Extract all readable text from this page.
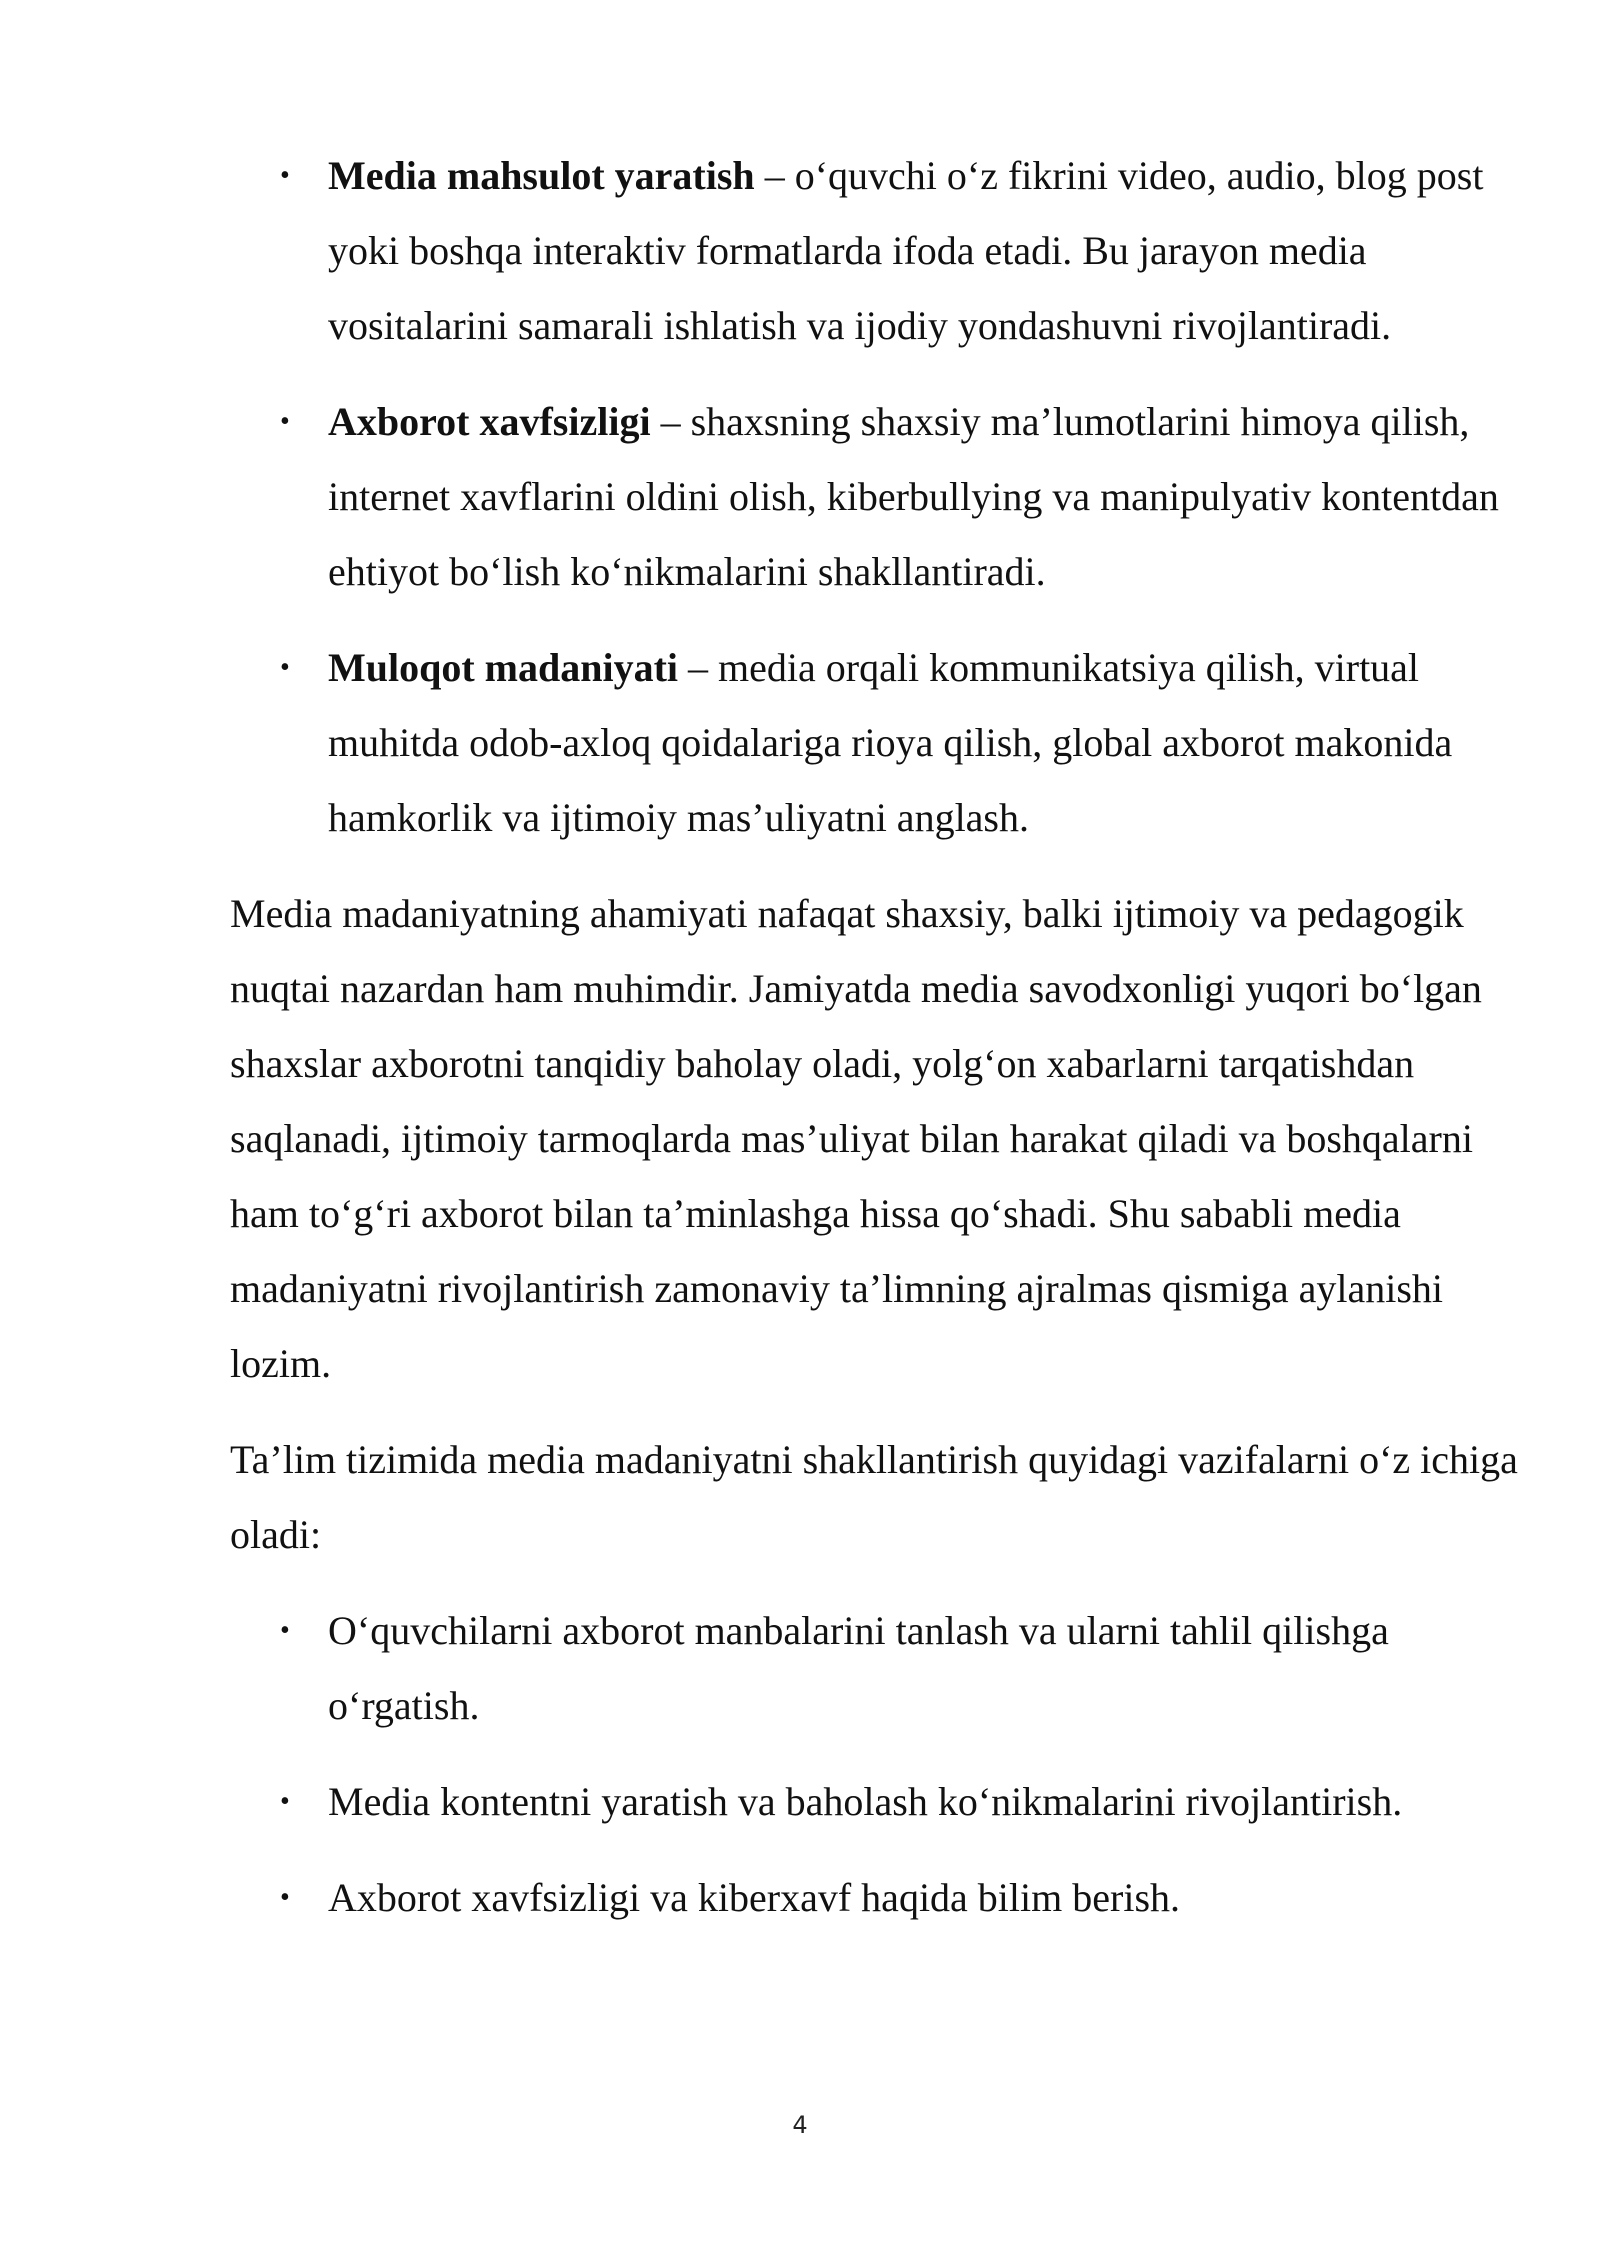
• Media mahsulot yaratish – o‘quvchi o‘z fikrini video, audio, blog post yoki boshqa interaktiv formatlarda ifoda etadi. Bu jarayon media vositalarini samarali ishlatish va ijodiy yondashuvni rivojlantiradi.
• Axborot xavfsizligi – shaxsning shaxsiy ma’lumotlarini himoya qilish, internet xavflarini oldini olish, kiberbullying va manipulyativ kontentdan ehtiyot bo‘lish ko‘nikmalarini shakllantiradi.
• Muloqot madaniyati – media orqali kommunikatsiya qilish, virtual muhitda odob-axloq qoidalariga rioya qilish, global axborot makonida hamkorlik va ijtimoiy mas’uliyatni anglash.

Media madaniyatning ahamiyati nafaqat shaxsiy, balki ijtimoiy va pedagogik nuqtai nazardan ham muhimdir. Jamiyatda media savodxonligi yuqori bo‘lgan shaxslar axborotni tanqidiy baholay oladi, yolg‘on xabarlarni tarqatishdan saqlanadi, ijtimoiy tarmoqlarda mas’uliyat bilan harakat qiladi va boshqalarni ham to‘g‘ri axborot bilan ta’minlashga hissa qo‘shadi. Shu sababli media madaniyatni rivojlantirish zamonaviy ta’limning ajralmas qismiga aylanishi lozim.

Ta’lim tizimida media madaniyatni shakllantirish quyidagi vazifalarni o‘z ichiga oladi:

• O‘quvchilarni axborot manbalarini tanlash va ularni tahlil qilishga o‘rgatish.
• Media kontentni yaratish va baholash ko‘nikmalarini rivojlantirish.
• Axborot xavfsizligi va kiberxavf haqida bilim berish.
4
